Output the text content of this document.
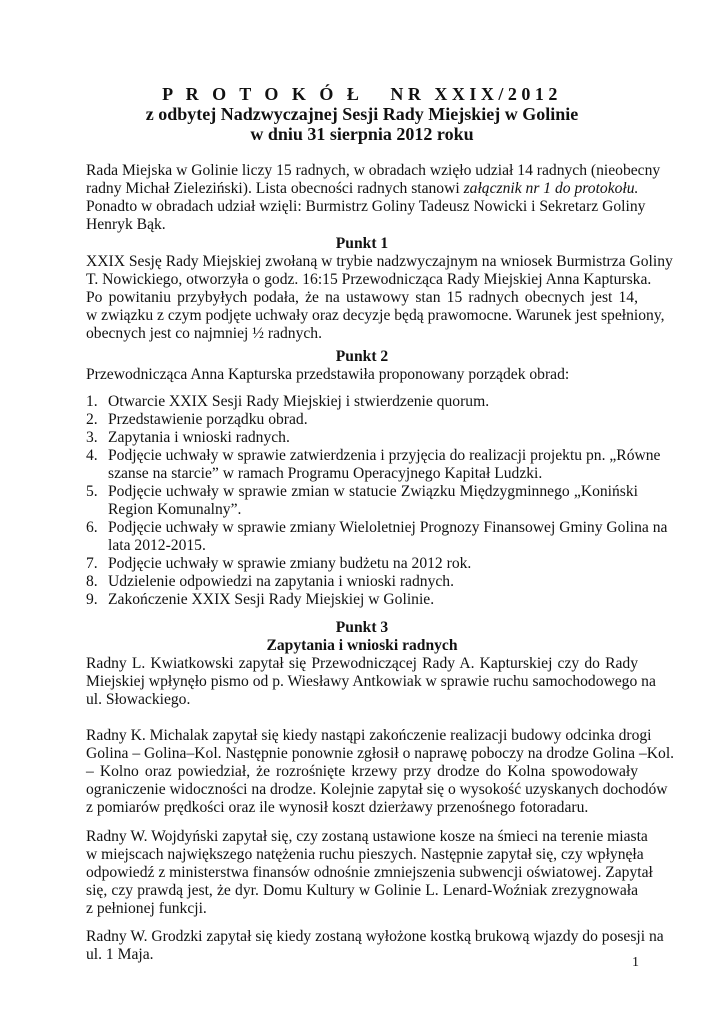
P R O T O K Ó Ł   NR XXIX/2012
z odbytej Nadzwyczajnej Sesji Rady Miejskiej w Golinie
w dniu 31 sierpnia 2012 roku
Rada Miejska w Golinie liczy 15 radnych, w obradach wzięło udział 14 radnych (nieobecny
radny Michał Zieleziński). Lista obecności radnych stanowi załącznik nr 1 do protokołu.
Ponadto w obradach udział wzięli: Burmistrz Goliny Tadeusz Nowicki i Sekretarz Goliny
Henryk Bąk.
Punkt 1
XXIX Sesję Rady Miejskiej zwołaną w trybie nadzwyczajnym na wniosek Burmistrza Goliny
T. Nowickiego, otworzyła o godz. 16:15 Przewodnicząca Rady Miejskiej Anna Kapturska.
Po powitaniu przybyłych podała, że na ustawowy stan 15 radnych obecnych jest 14,
w związku z czym podjęte uchwały oraz decyzje będą prawomocne. Warunek jest spełniony,
obecnych jest co najmniej ½ radnych.
Punkt 2
Przewodnicząca Anna Kapturska przedstawiła proponowany porządek obrad:
1. Otwarcie XXIX Sesji Rady Miejskiej i stwierdzenie quorum.
2. Przedstawienie porządku obrad.
3. Zapytania i wnioski radnych.
4. Podjęcie uchwały w sprawie zatwierdzenia i przyjęcia do realizacji projektu pn. „Równe
szanse na starcie” w ramach Programu Operacyjnego Kapitał Ludzki.
5. Podjęcie uchwały w sprawie zmian w statucie Związku Międzygminnego „Koniński
Region Komunalny”.
6. Podjęcie uchwały w sprawie zmiany Wieloletniej Prognozy Finansowej Gminy Golina na
lata 2012-2015.
7. Podjęcie uchwały w sprawie zmiany budżetu na 2012 rok.
8. Udzielenie odpowiedzi na zapytania i wnioski radnych.
9. Zakończenie XXIX Sesji Rady Miejskiej w Golinie.
Punkt 3
Zapytania i wnioski radnych
Radny L. Kwiatkowski zapytał się Przewodniczącej Rady A. Kapturskiej czy do Rady
Miejskiej wpłynęło pismo od p. Wiesławy Antkowiak w sprawie ruchu samochodowego na
ul. Słowackiego.
Radny K. Michalak zapytał się kiedy nastąpi zakończenie realizacji budowy odcinka drogi
Golina – Golina–Kol. Następnie ponownie zgłosił o naprawę poboczy na drodze Golina –Kol.
– Kolno oraz powiedział, że rozrośnięte krzewy przy drodze do Kolna spowodowały
ograniczenie widoczności na drodze. Kolejnie zapytał się o wysokość uzyskanych dochodów
z pomiarów prędkości oraz ile wynosił koszt dzierżawy przenośnego fotoradaru.
Radny W. Wojdyński zapytał się, czy zostaną ustawione kosze na śmieci na terenie miasta
w miejscach największego natężenia ruchu pieszych. Następnie zapytał się, czy wpłynęła
odpowiedź z ministerstwa finansów odnośnie zmniejszenia subwencji oświatowej. Zapytał
się, czy prawdą jest, że dyr. Domu Kultury w Golinie L. Lenard-Woźniak zrezygnowała
z pełnionej funkcji.
Radny W. Grodzki zapytał się kiedy zostaną wyłożone kostką brukową wjazdy do posesji na
ul. 1 Maja.	1
